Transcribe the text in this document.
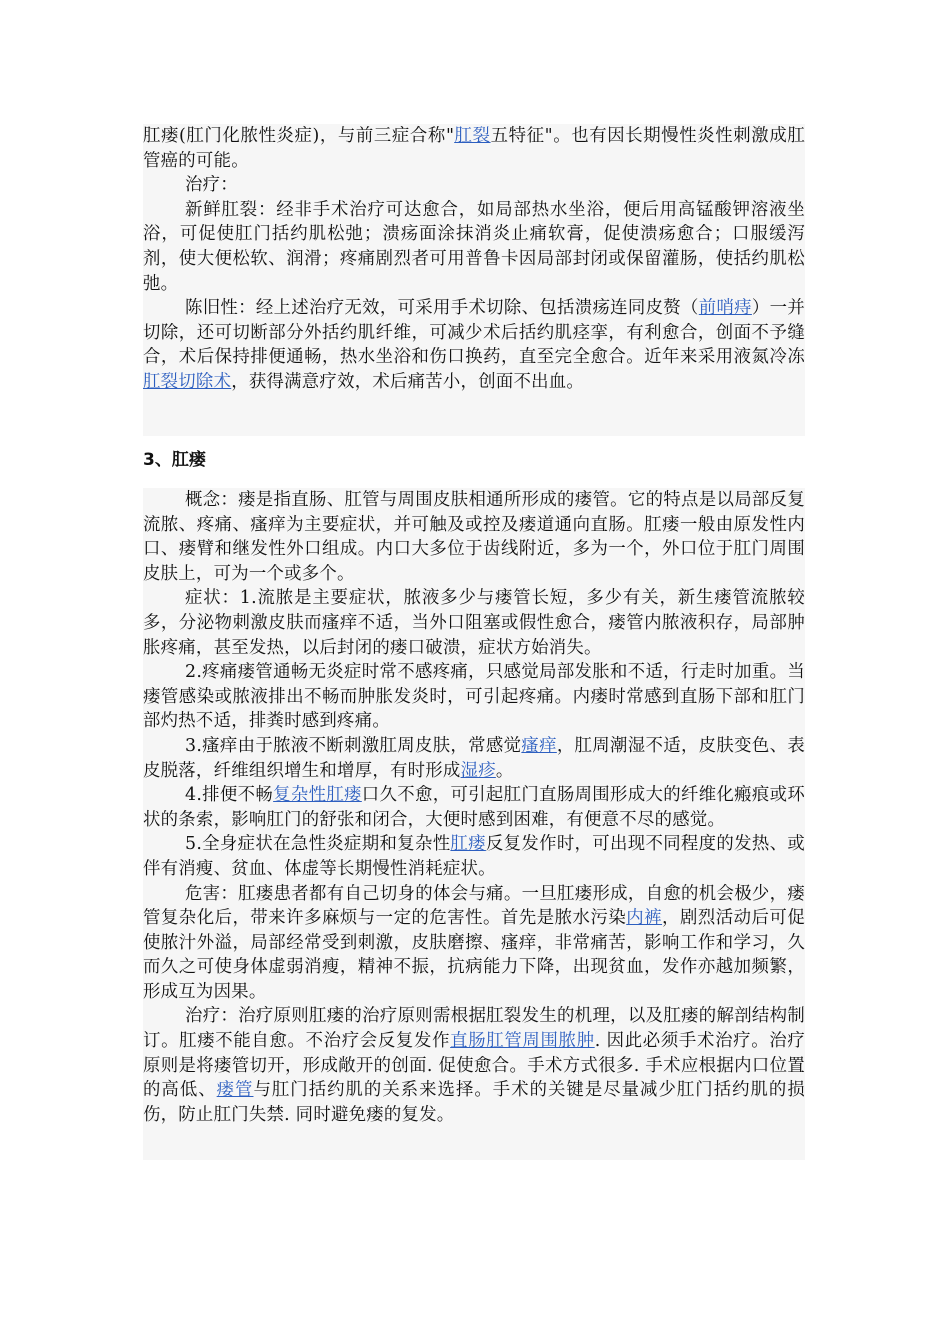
肛瘘(肛门化脓性炎症)，与前三症合称"肛裂五特征"。也有因长期慢性炎性刺激成肛管癌的可能。

治疗：

新鲜肛裂：经非手术治疗可达愈合，如局部热水坐浴，便后用高锰酸钾溶液坐浴，可促使肛门括约肌松弛；溃疡面涂抹消炎止痛软膏，促使溃疡愈合；口服缓泻剂，使大便松软、润滑；疼痛剧烈者可用普鲁卡因局部封闭或保留灌肠，使括约肌松弛。

陈旧性：经上述治疗无效，可采用手术切除、包括溃疡连同皮赘（前哨痔）一并切除，还可切断部分外括约肌纤维，可减少术后括约肌痉挛，有利愈合，创面不予缝合，术后保持排便通畅，热水坐浴和伤口换药，直至完全愈合。近年来采用液氮冷冻肛裂切除术，获得满意疗效，术后痛苦小，创面不出血。

3、肛瘘

概念：瘘是指直肠、肛管与周围皮肤相通所形成的瘘管。它的特点是以局部反复流脓、疼痛、瘙痒为主要症状，并可触及或控及瘘道通向直肠。肛瘘一般由原发性内口、瘘臂和继发性外口组成。内口大多位于齿线附近，多为一个，外口位于肛门周围皮肤上，可为一个或多个。

症状：1.流脓是主要症状，脓液多少与瘘管长短，多少有关，新生瘘管流脓较多，分泌物刺激皮肤而瘙痒不适，当外口阻塞或假性愈合，瘘管内脓液积存，局部肿胀疼痛，甚至发热，以后封闭的瘘口破溃，症状方始消失。

2.疼痛瘘管通畅无炎症时常不感疼痛，只感觉局部发胀和不适，行走时加重。当瘘管感染或脓液排出不畅而肿胀发炎时，可引起疼痛。内瘘时常感到直肠下部和肛门部灼热不适，排粪时感到疼痛。

3.瘙痒由于脓液不断刺激肛周皮肤，常感觉瘙痒，肛周潮湿不适，皮肤变色、表皮脱落，纤维组织增生和增厚，有时形成湿疹。

4.排便不畅复杂性肛瘘口久不愈，可引起肛门直肠周围形成大的纤维化瘢痕或环状的条索，影响肛门的舒张和闭合，大便时感到困难，有便意不尽的感觉。

5.全身症状在急性炎症期和复杂性肛瘘反复发作时，可出现不同程度的发热、或伴有消瘦、贫血、体虚等长期慢性消耗症状。

危害：肛瘘患者都有自己切身的体会与痛。一旦肛瘘形成，自愈的机会极少，瘘管复杂化后，带来许多麻烦与一定的危害性。首先是脓水污染内裤，剧烈活动后可促使脓汁外溢，局部经常受到刺激，皮肤磨擦、瘙痒，非常痛苦，影响工作和学习，久而久之可使身体虚弱消瘦，精神不振，抗病能力下降，出现贫血，发作亦越加频繁，形成互为因果。

治疗：治疗原则肛瘘的治疗原则需根据肛裂发生的机理，以及肛瘘的解剖结构制订。肛瘘不能自愈。不治疗会反复发作直肠肛管周围脓肿. 因此必须手术治疗。治疗原则是将瘘管切开，形成敞开的创面. 促使愈合。手术方式很多. 手术应根据内口位置的高低、瘘管与肛门括约肌的关系来选择。手术的关键是尽量减少肛门括约肌的损伤，防止肛门失禁. 同时避免瘘的复发。
